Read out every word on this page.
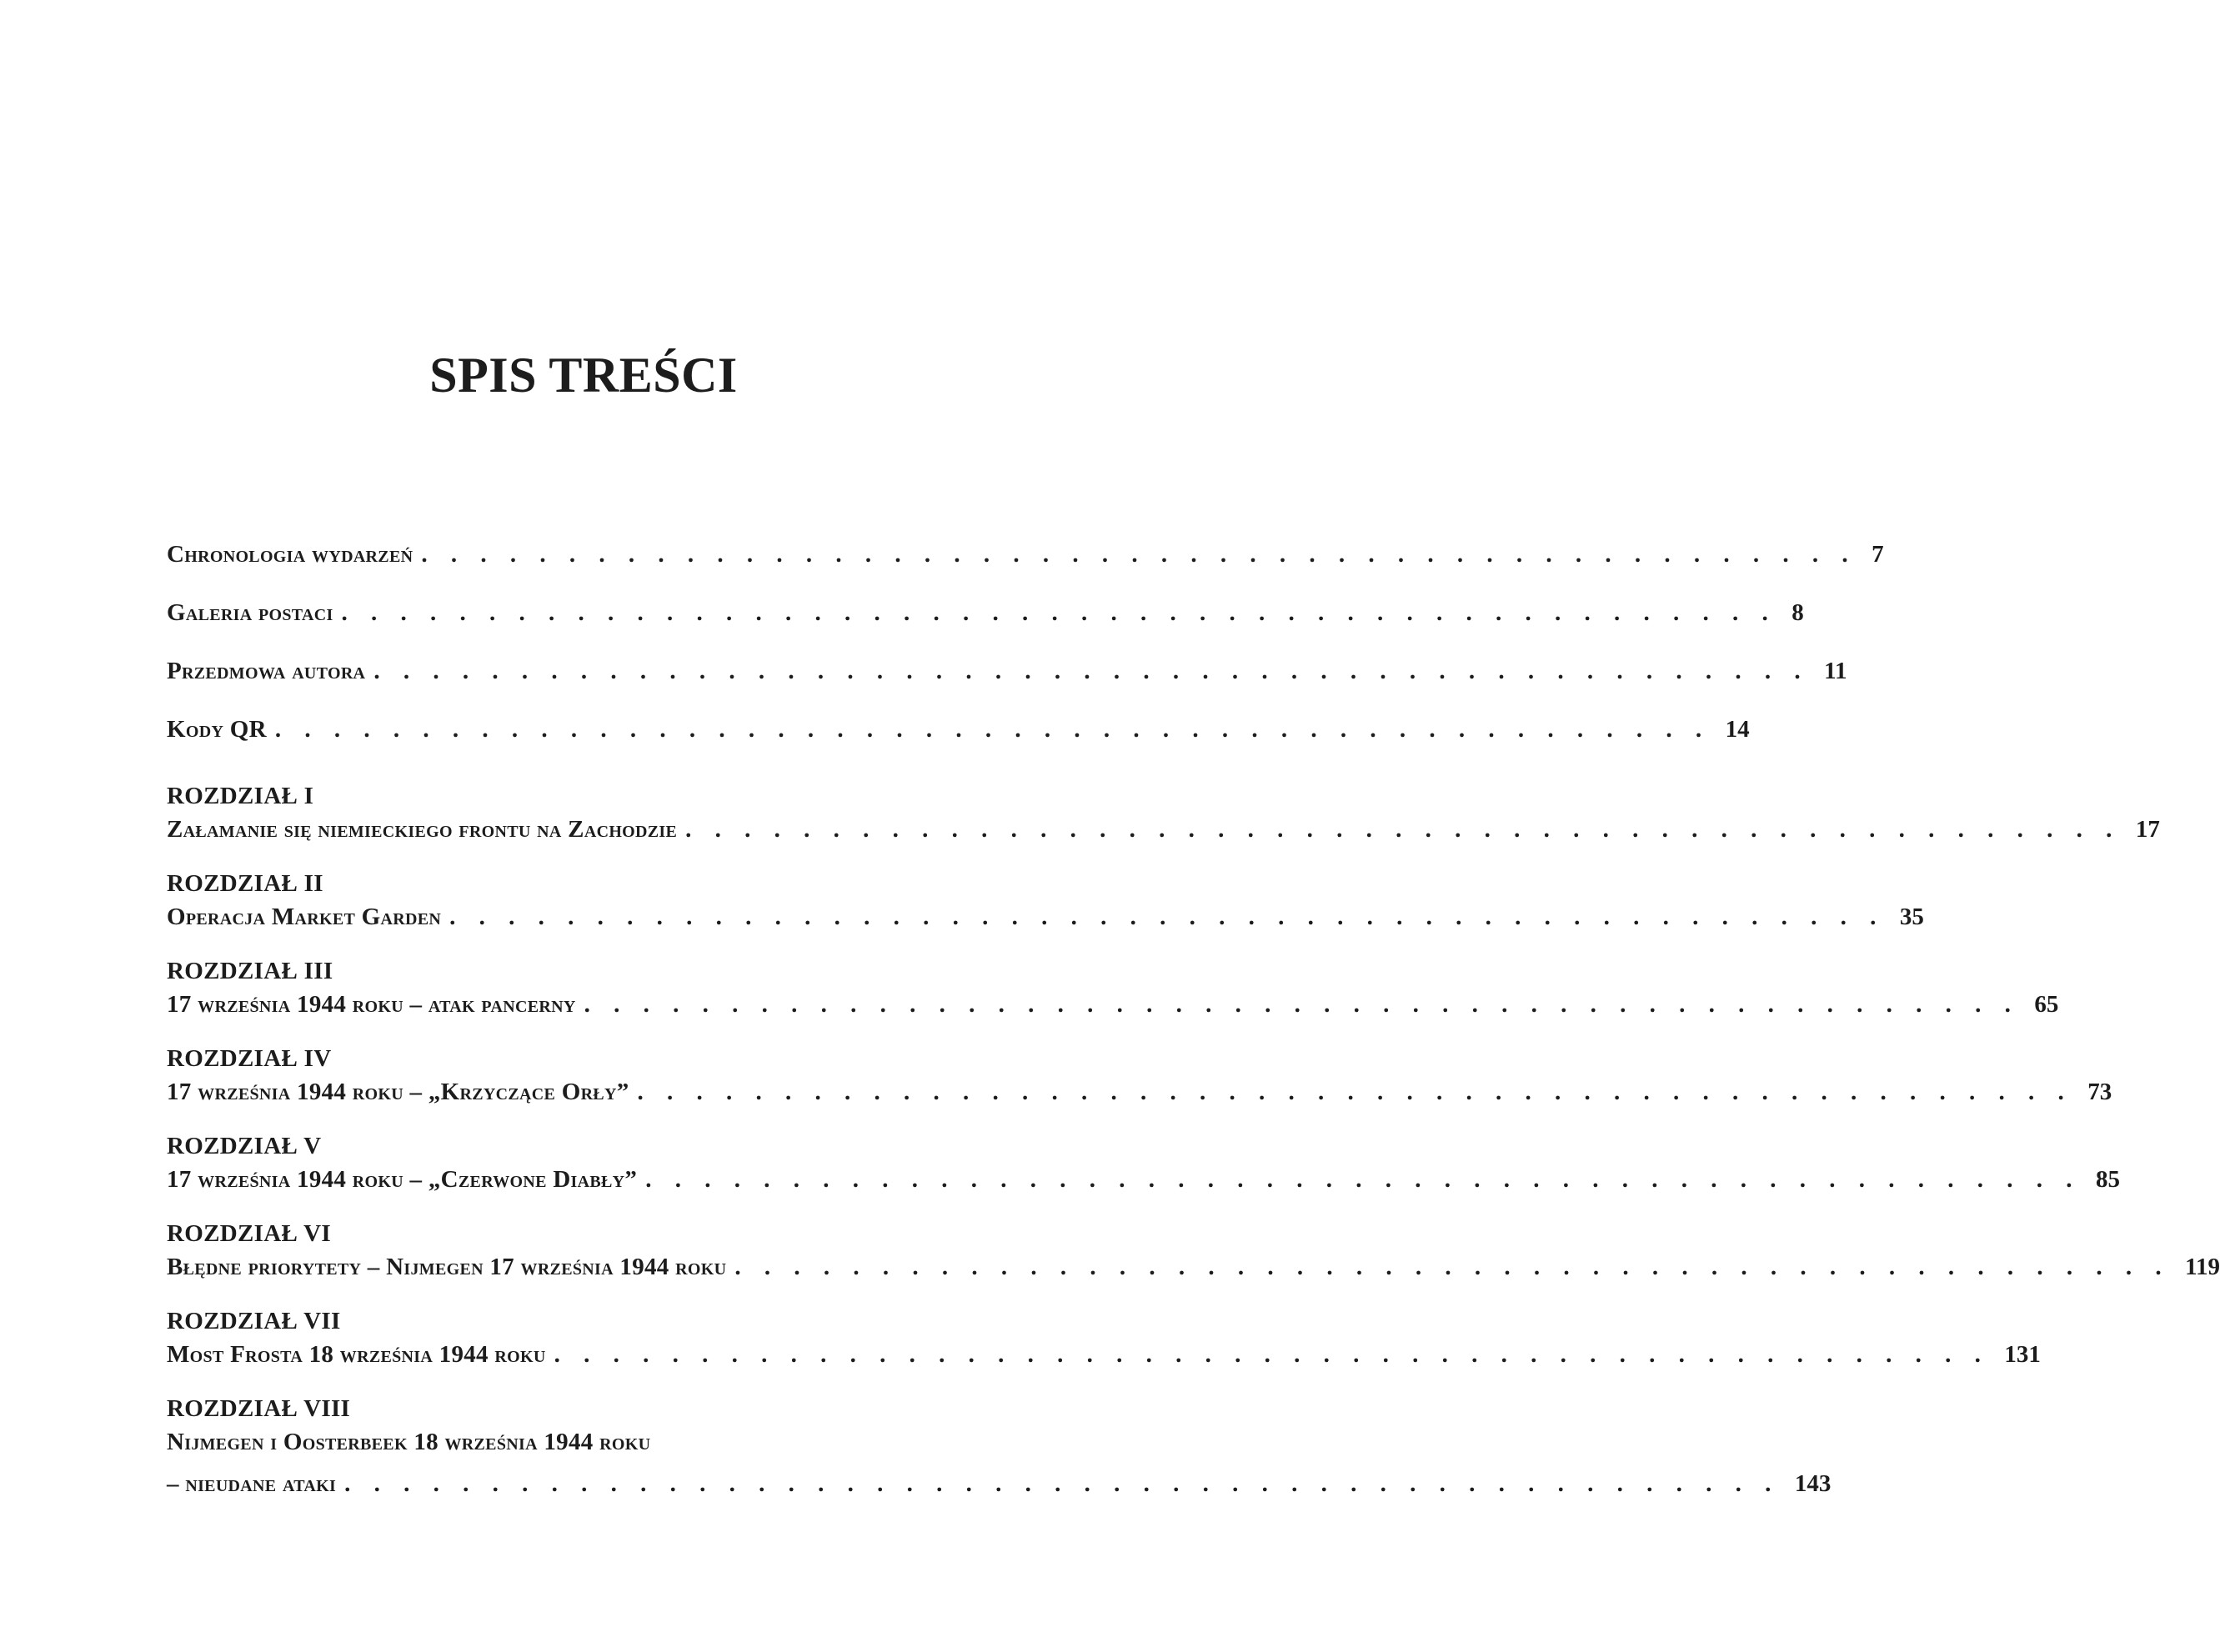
SPIS TREŚCI
Chronologia wydarzeń . . . . . . . . . . . . . . . . . . . . . . . . . . . . . . . . . . . . . . . . . . . . . . . . . 7
Galeria postaci . . . . . . . . . . . . . . . . . . . . . . . . . . . . . . . . . . . . . . . . . . . . . . . . . 8
Przedmowa autora . . . . . . . . . . . . . . . . . . . . . . . . . . . . . . . . . . . . . . . . . . . . . . . . . 11
Kody QR . . . . . . . . . . . . . . . . . . . . . . . . . . . . . . . . . . . . . . . . . . . . . . . . . 14
ROZDZIAŁ I
Załamanie się niemieckiego frontu na Zachodzie . . . . . . . . . . . . . . . . . . . . . . . . . . . . . . . . . . . . . . . . . . . . . . . . . 17
ROZDZIAŁ II
Operacja Market Garden . . . . . . . . . . . . . . . . . . . . . . . . . . . . . . . . . . . . . . . . . . . . . . . . . 35
ROZDZIAŁ III
17 września 1944 roku – atak pancerny . . . . . . . . . . . . . . . . . . . . . . . . . . . . . . . . . . . . . . . . . . . . . . . . . 65
ROZDZIAŁ IV
17 września 1944 roku – „Krzyczące Orły” . . . . . . . . . . . . . . . . . . . . . . . . . . . . . . . . . . . . . . . . . . . . . . . . . 73
ROZDZIAŁ V
17 września 1944 roku – „Czerwone Diabły” . . . . . . . . . . . . . . . . . . . . . . . . . . . . . . . . . . . . . . . . . . . . . . . . . 85
ROZDZIAŁ VI
Błędne priorytety – Nijmegen 17 września 1944 roku . . . . . . . . . . . . . . . . . . . . . . . . . . . . . . . . . . . . . . . . . . . . . . . . . 119
ROZDZIAŁ VII
Most Frosta 18 września 1944 roku . . . . . . . . . . . . . . . . . . . . . . . . . . . . . . . . . . . . . . . . . . . . . . . . . 131
ROZDZIAŁ VIII
Nijmegen i Oosterbeek 18 września 1944 roku
– nieudane ataki . . . . . . . . . . . . . . . . . . . . . . . . . . . . . . . . . . . . . . . . . . . . . . . . . 143
